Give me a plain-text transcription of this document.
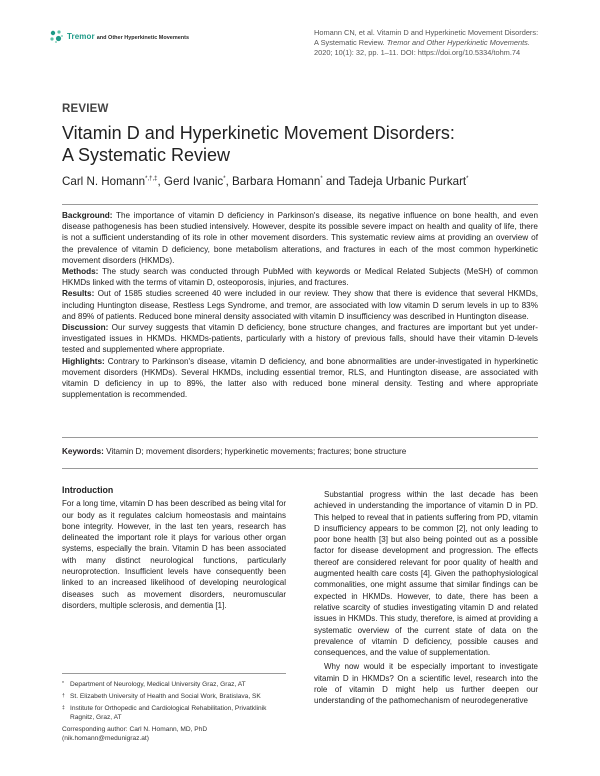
Tremor and Other Hyperkinetic Movements
Homann CN, et al. Vitamin D and Hyperkinetic Movement Disorders:
A Systematic Review. Tremor and Other Hyperkinetic Movements.
2020; 10(1): 32, pp. 1–11. DOI: https://doi.org/10.5334/tohm.74
REVIEW
Vitamin D and Hyperkinetic Movement Disorders:
A Systematic Review
Carl N. Homann*,†,‡, Gerd Ivanic*, Barbara Homann* and Tadeja Urbanic Purkart*

Background: The importance of vitamin D deficiency in Parkinson's disease, its negative influence on bone health, and even disease pathogenesis has been studied intensively. However, despite its possible severe impact on health and quality of life, there is not a sufficient understanding of its role in other movement disorders. This systematic review aims at providing an overview of the prevalence of vitamin D deficiency, bone metabolism alterations, and fractures in each of the most common hyperkinetic movement disorders (HKMDs).

Methods: The study search was conducted through PubMed with keywords or Medical Related Subjects (MeSH) of common HKMDs linked with the terms of vitamin D, osteoporosis, injuries, and fractures.

Results: Out of 1585 studies screened 40 were included in our review. They show that there is evidence that several HKMDs, including Huntington disease, Restless Legs Syndrome, and tremor, are associated with low vitamin D serum levels in up to 83% and 89% of patients. Reduced bone mineral density associated with vitamin D insufficiency was described in Huntington disease.

Discussion: Our survey suggests that vitamin D deficiency, bone structure changes, and fractures are important but yet under-investigated issues in HKMDs. HKMDs-patients, particularly with a history of previous falls, should have their vitamin D-levels tested and supplemented where appropriate.

Highlights: Contrary to Parkinson's disease, vitamin D deficiency, and bone abnormalities are under-investigated in hyperkinetic movement disorders (HKMDs). Several HKMDs, including essential tremor, RLS, and Huntington disease, are associated with vitamin D deficiency in up to 89%, the latter also with reduced bone mineral density. Testing and where appropriate supplementation is recommended.

Keywords: Vitamin D; movement disorders; hyperkinetic movements; fractures; bone structure
Introduction

For a long time, vitamin D has been described as being vital for our body as it regulates calcium homeostasis and maintains bone integrity. However, in the last ten years, research has delineated the important role it plays for various other organ systems, especially the brain. Vitamin D has been associated with many distinct neurological functions, particularly neuroprotection. Insufficient levels have consequently been linked to an increased likelihood of developing neurological diseases such as movement disorders, neuromuscular disorders, multiple sclerosis, and dementia [1].

* Department of Neurology, Medical University Graz, Graz, AT
† St. Elizabeth University of Health and Social Work, Bratislava, SK
‡ Institute for Orthopedic and Cardiological Rehabilitation, Privatklinik Ragnitz, Graz, AT
Corresponding author: Carl N. Homann, MD, PhD
(nik.homann@medunigraz.at)

Substantial progress within the last decade has been achieved in understanding the importance of vitamin D in PD. This helped to reveal that in patients suffering from PD, vitamin D insufficiency appears to be common [2], not only leading to poor bone health [3] but also being pointed out as a possible factor for disease development and progression. The effects thereof are considered relevant for poor quality of health and augmented health care costs [4]. Given the pathophysiological commonalities, one might assume that similar findings can be expected in HKMDs. However, to date, there has been a relative scarcity of studies investigating vitamin D and related issues in HKMDs. This study, therefore, is aimed at providing a systematic overview of the current state of data on the prevalence of vitamin D deficiency, possible causes and consequences, and the value of supplementation.

Why now would it be especially important to investigate vitamin D in HKMDs? On a scientific level, research into the role of vitamin D might help us further deepen our understanding of the pathomechanism of neurodegenerative
